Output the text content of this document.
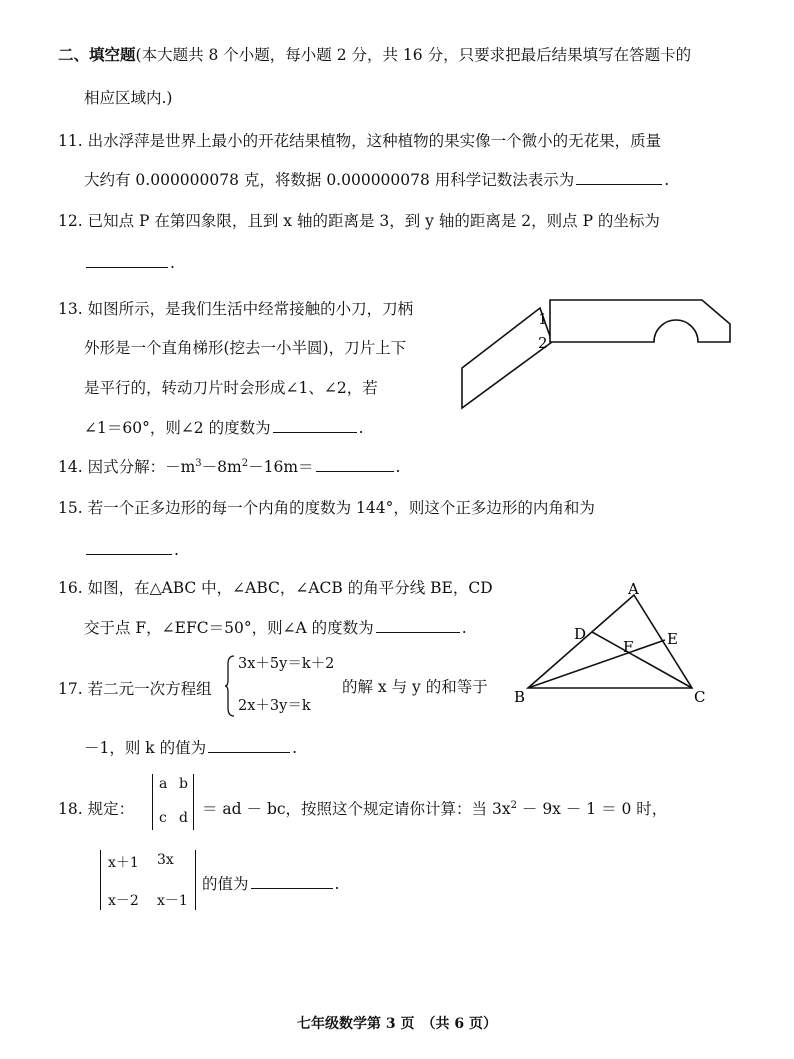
二、填空题(本大题共 8 个小题，每小题 2 分，共 16 分，只要求把最后结果填写在答题卡的
相应区域内.)
11. 出水浮萍是世界上最小的开花结果植物，这种植物的果实像一个微小的无花果，质量
大约有 0.000000078 克，将数据 0.000000078 用科学记数法表示为	.
12. 已知点 P 在第四象限，且到 x 轴的距离是 3，到 y 轴的距离是 2，则点 P 的坐标为
.
13. 如图所示，是我们生活中经常接触的小刀，刀柄
外形是一个直角梯形(挖去一小半圆)，刀片上下
是平行的，转动刀片时会形成∠1、∠2，若
∠1＝60°，则∠2 的度数为	.
1
2
14. 因式分解：$-m^3-8m^2-16m=$	.
15. 若一个正多边形的每一个内角的度数为 144°，则这个正多边形的内角和为
.
16. 如图，在△ABC 中，∠ABC，∠ACB 的角平分线 BE，CD
交于点 F，∠EFC＝50°，则∠A 的度数为	.
A
B	C
D	E
F
17. 若二元一次方程组
3x＋5y＝k＋2
2x＋3y＝k
的解 x 与 y 的和等于
－1，则 k 的值为	.
18. 规定：
a b
c d ＝ ad － bc，按照这个规定请你计算：当 $3x^2 - 9x - 1 = 0$ 时，
x＋1 3x
x－2 x－1
的值为	.
七年级数学第 3 页　（共 6 页）
